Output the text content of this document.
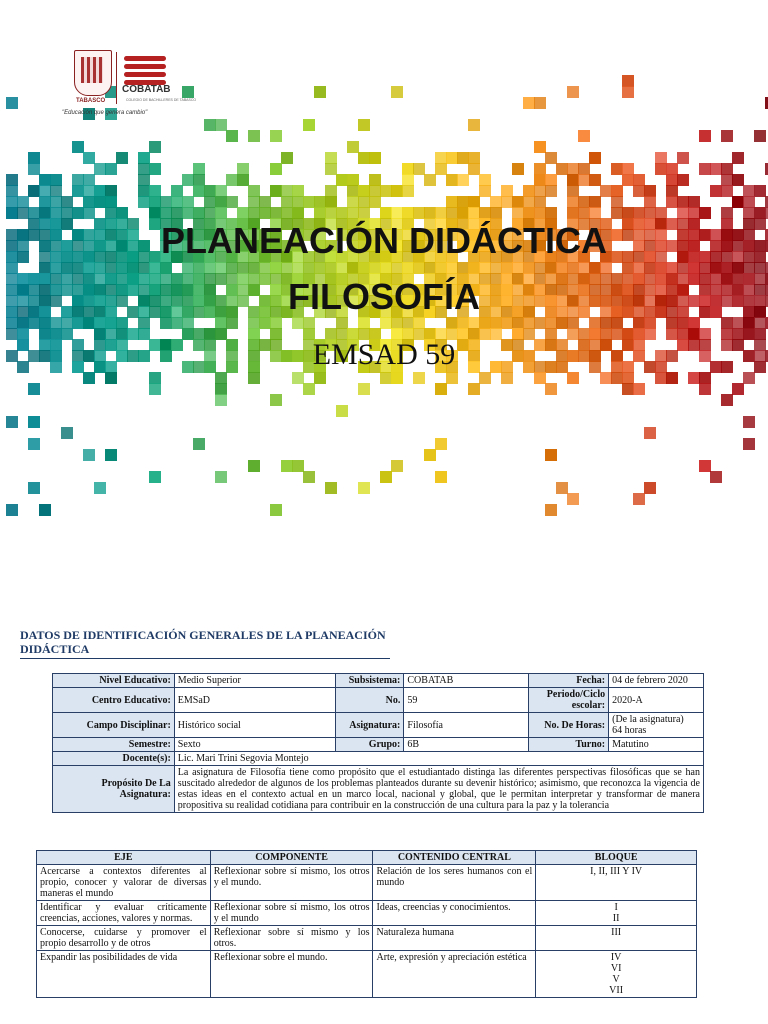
TABASCO
COBATAB
COLEGIO DE BACHILLERES DE TABASCO
"Educación que genera cambio"
PLANEACIÓN DIDÁCTICA
FILOSOFÍA
EMSAD 59
DATOS DE IDENTIFICACIÓN GENERALES DE LA PLANEACIÓN DIDÁCTICA
Nivel Educativo:	Medio Superior	Subsistema:	COBATAB	Fecha:	04 de febrero 2020
Centro Educativo:	EMSaD	No.	59	Periodo/Ciclo escolar:	2020-A
Campo Disciplinar:	Histórico social	Asignatura:	Filosofía	No. De Horas:	(De la asignatura)
64 horas

Semestre:	Sexto	Grupo:	6B	Turno:	Matutino
Docente(s):	Lic. Mari Trini Segovia Montejo				
Propósito De La Asignatura:	La asignatura de Filosofía tiene como propósito que el estudiantado distinga las diferentes perspectivas filosóficas que se han suscitado alrededor de algunos de los problemas planteados durante su devenir histórico; asimismo, que reconozca la vigencia de estas ideas en el contexto actual en un marco local, nacional y global, que le permitan interpretar y transformar de manera propositiva su realidad cotidiana para contribuir en la construcción de una cultura para la paz y la tolerancia				
EJE	COMPONENTE	CONTENIDO CENTRAL	BLOQUE
Acercarse a contextos diferentes al propio, conocer y valorar de diversas maneras el mundo	Reflexionar sobre sí mismo, los otros y el mundo.	Relación de los seres humanos con el mundo	I, II, III Y IV
Identificar y evaluar críticamente creencias, acciones, valores y normas.	Reflexionar sobre sí mismo, los otros y el mundo	Ideas, creencias y conocimientos.	I
II
Conocerse, cuidarse y promover el propio desarrollo y de otros	Reflexionar sobre sí mismo y los otros.	Naturaleza humana	III
Expandir las posibilidades de vida	Reflexionar sobre el mundo.	Arte, expresión y apreciación estética	IV
VI
V
VII
